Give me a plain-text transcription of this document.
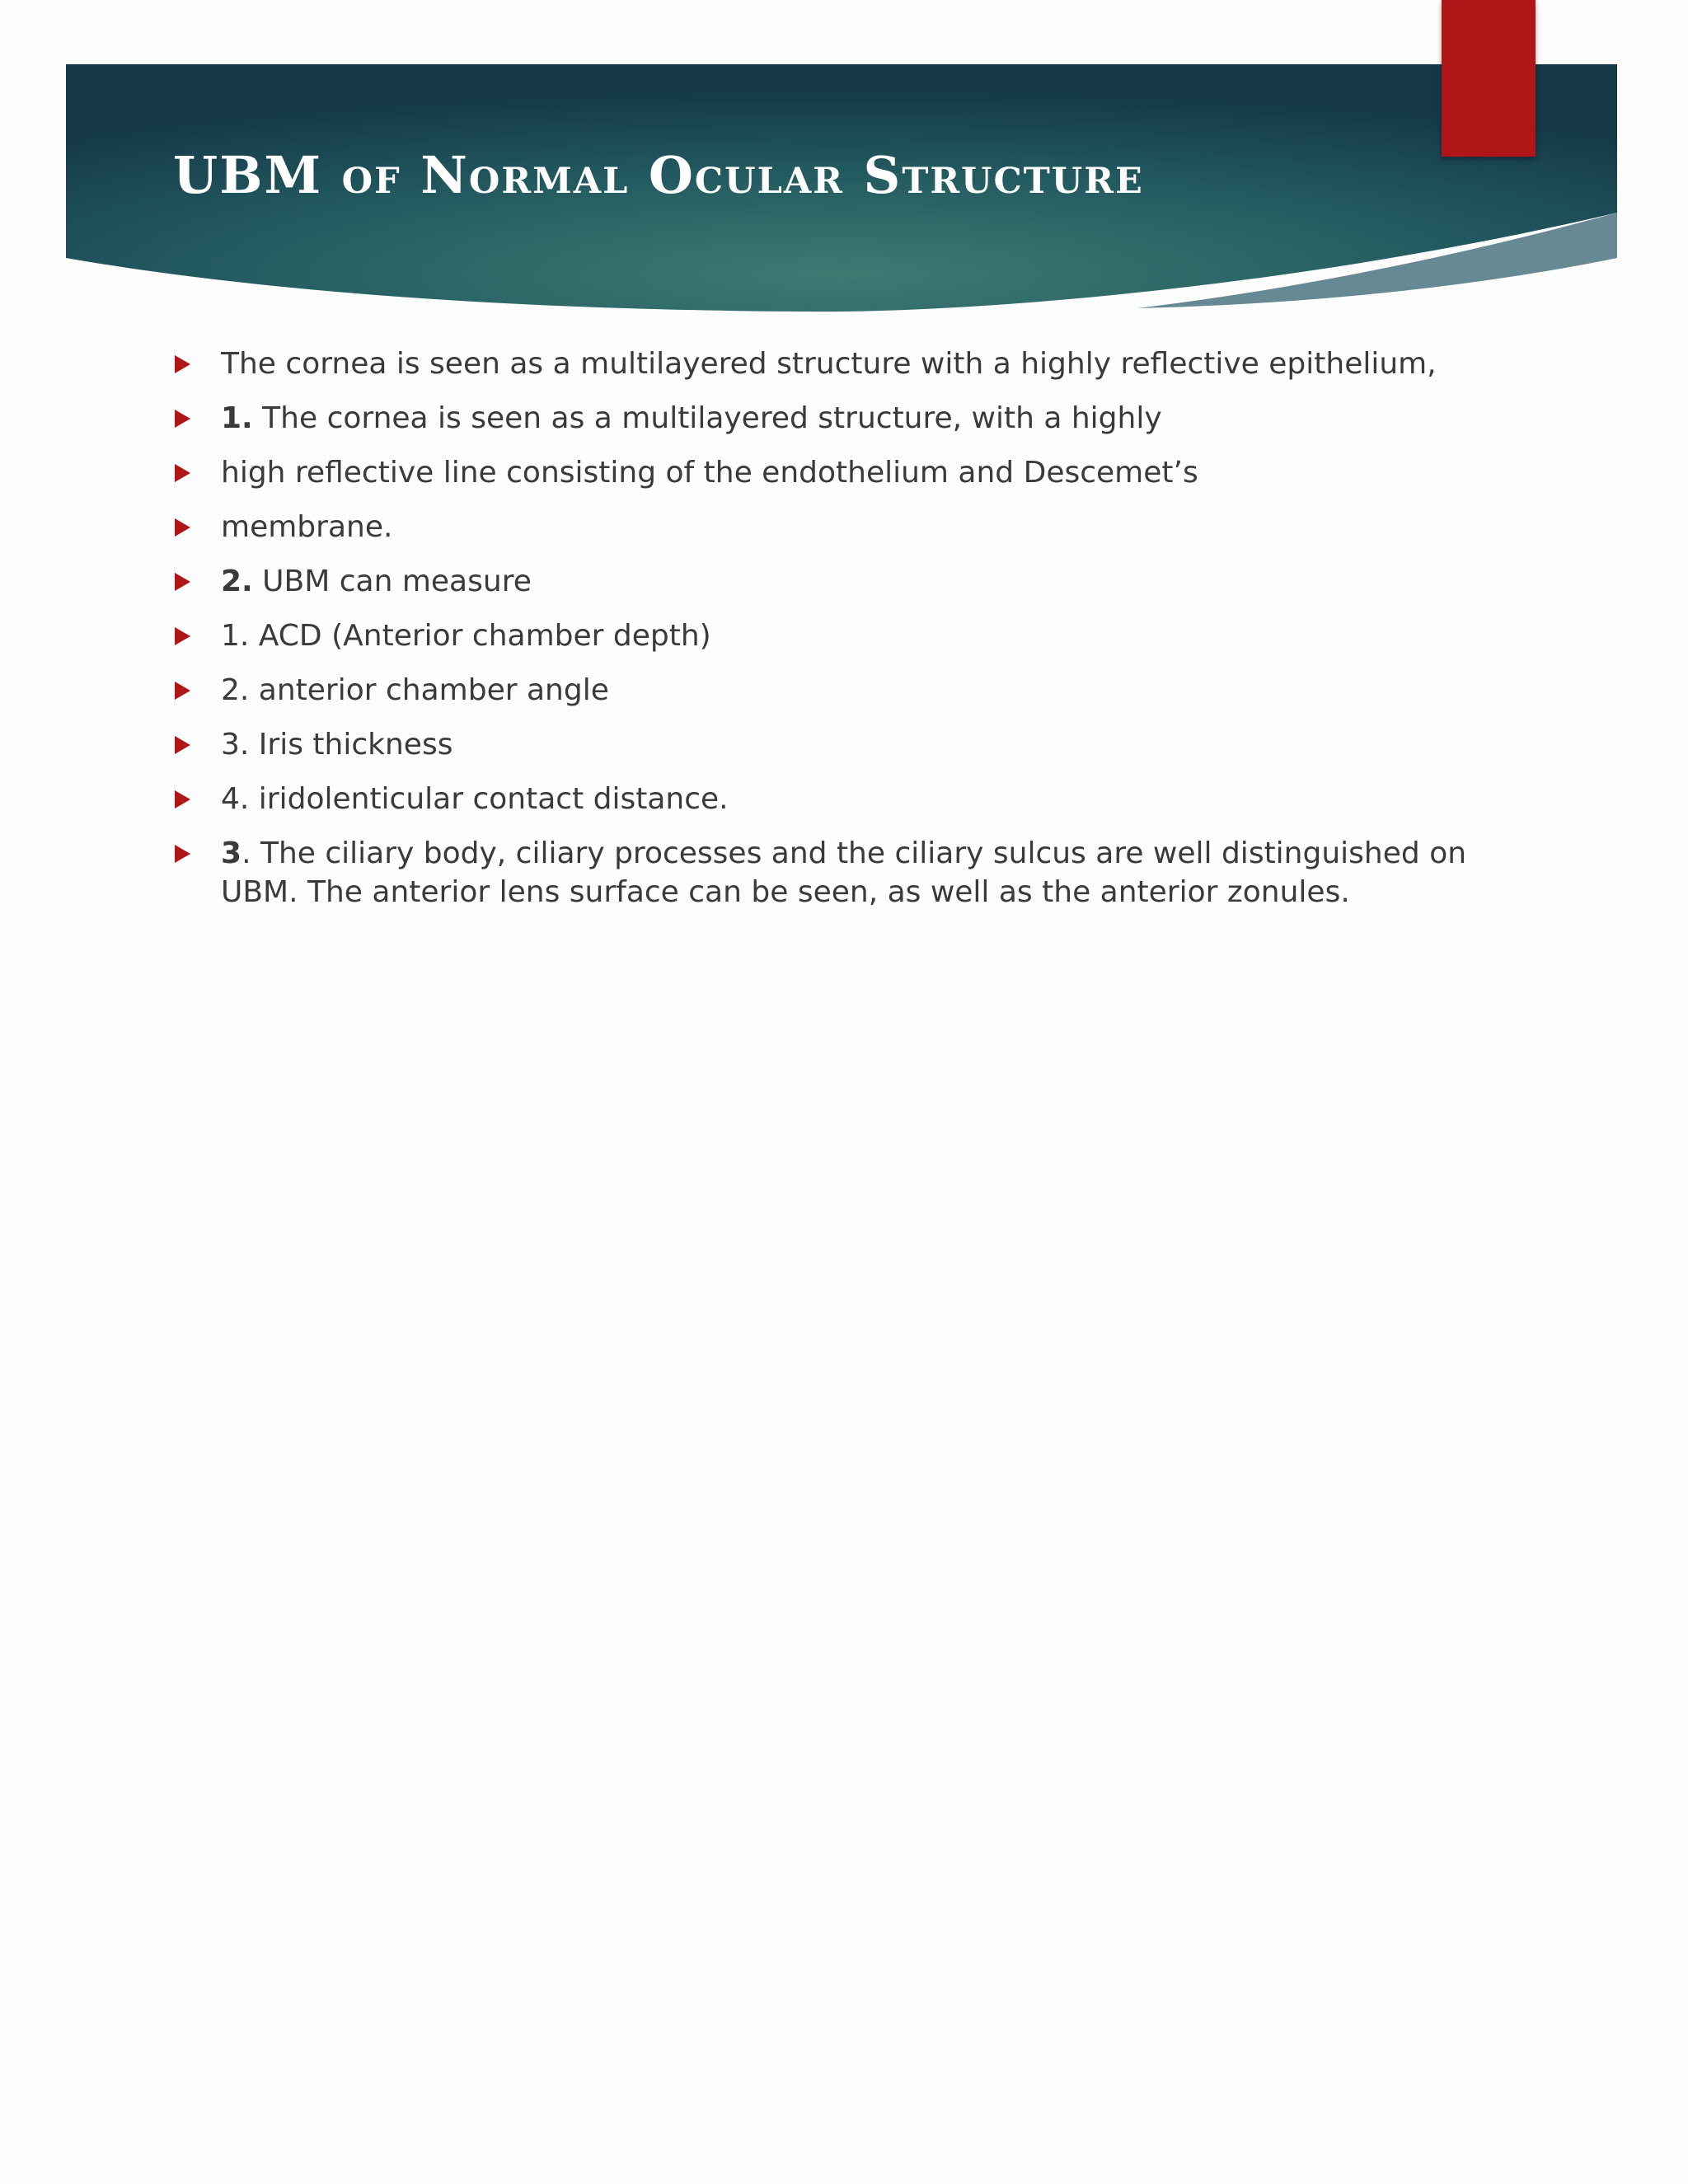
UBM of Normal Ocular Structure
The cornea is seen as a multilayered structure with a highly reflective epithelium,
1. The cornea is seen as a multilayered structure, with a highly
high reflective line consisting of the endothelium and Descemet’s
membrane.
2. UBM can measure
1. ACD (Anterior chamber depth)
2. anterior chamber angle
3. Iris thickness
4. iridolenticular contact distance.
3. The ciliary body, ciliary processes and the ciliary sulcus are well distinguished on UBM. The anterior lens surface can be seen, as well as the anterior zonules.
